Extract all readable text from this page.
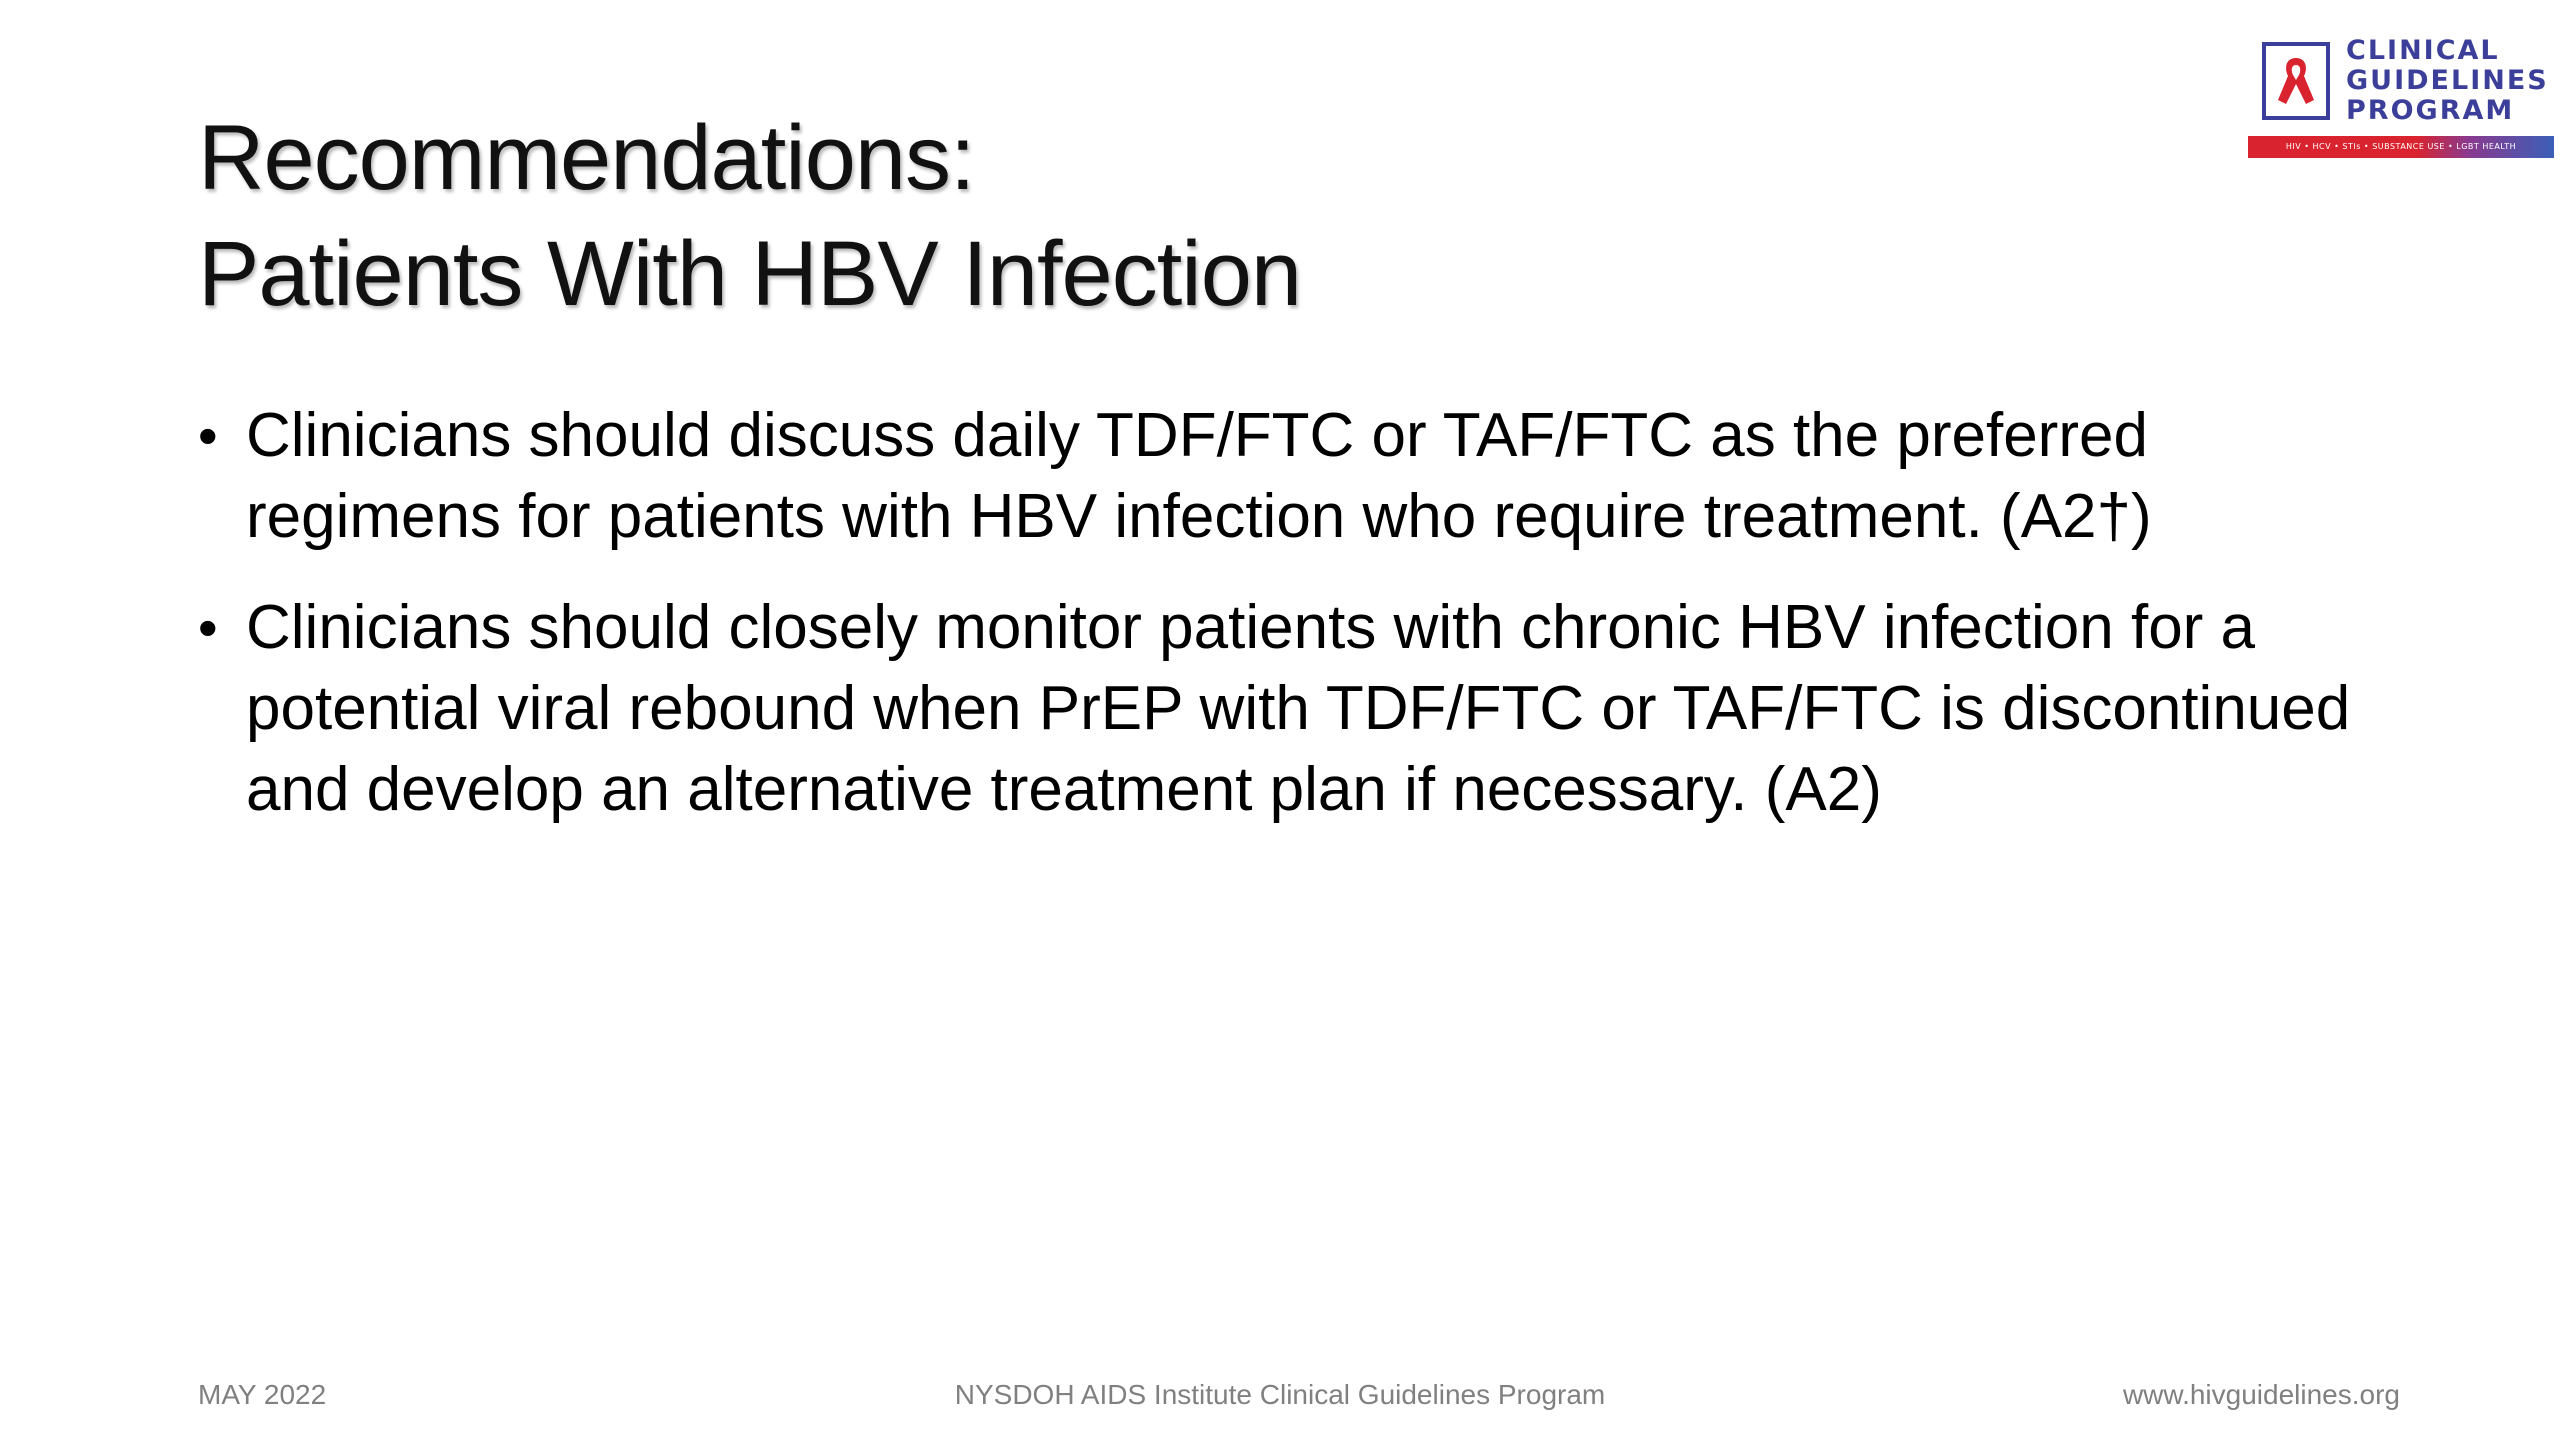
Recommendations:
Patients With HBV Infection
• Clinicians should discuss daily TDF/FTC or TAF/FTC as the preferred regimens for patients with HBV infection who require treatment. (A2†)
• Clinicians should closely monitor patients with chronic HBV infection for a potential viral rebound when PrEP with TDF/FTC or TAF/FTC is discontinued and develop an alternative treatment plan if necessary. (A2)
CLINICAL
GUIDELINES
PROGRAM
HIV • HCV • STIs • SUBSTANCE USE • LGBT HEALTH
MAY 2022	NYSDOH AIDS Institute Clinical Guidelines Program	www.hivguidelines.org
